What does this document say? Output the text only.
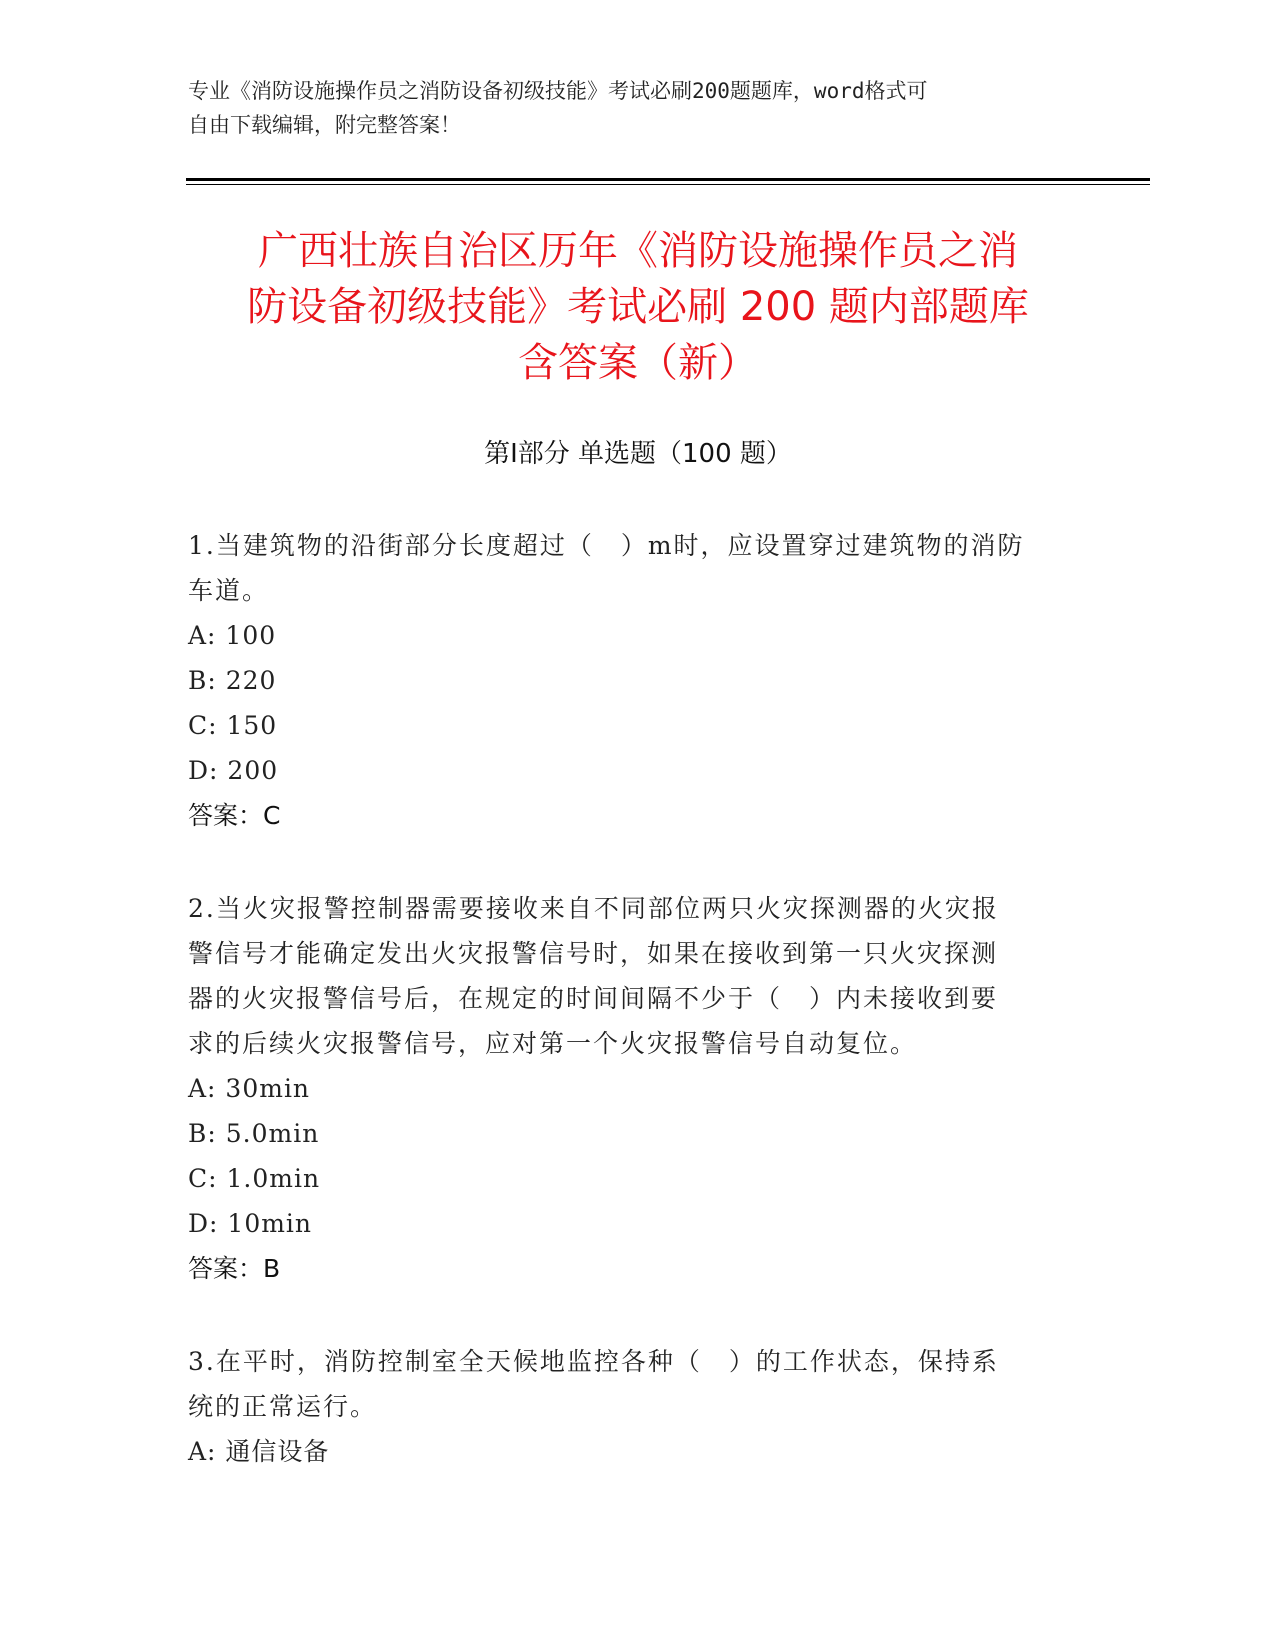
专业《消防设施操作员之消防设备初级技能》考试必刷200题题库，word格式可
自由下载编辑，附完整答案！
广西壮族自治区历年《消防设施操作员之消
防设备初级技能》考试必刷 200 题内部题库
含答案（新）
第Ⅰ部分 单选题（100 题）
1.当建筑物的沿街部分长度超过（　）m时，应设置穿过建筑物的消防
车道。
A: 100
B: 220
C: 150
D: 200
答案：C
2.当火灾报警控制器需要接收来自不同部位两只火灾探测器的火灾报
警信号才能确定发出火灾报警信号时，如果在接收到第一只火灾探测
器的火灾报警信号后，在规定的时间间隔不少于（　）内未接收到要
求的后续火灾报警信号，应对第一个火灾报警信号自动复位。
A: 30min
B: 5.0min
C: 1.0min
D: 10min
答案：B
3.在平时，消防控制室全天候地监控各种（　）的工作状态，保持系
统的正常运行。
A: 通信设备
